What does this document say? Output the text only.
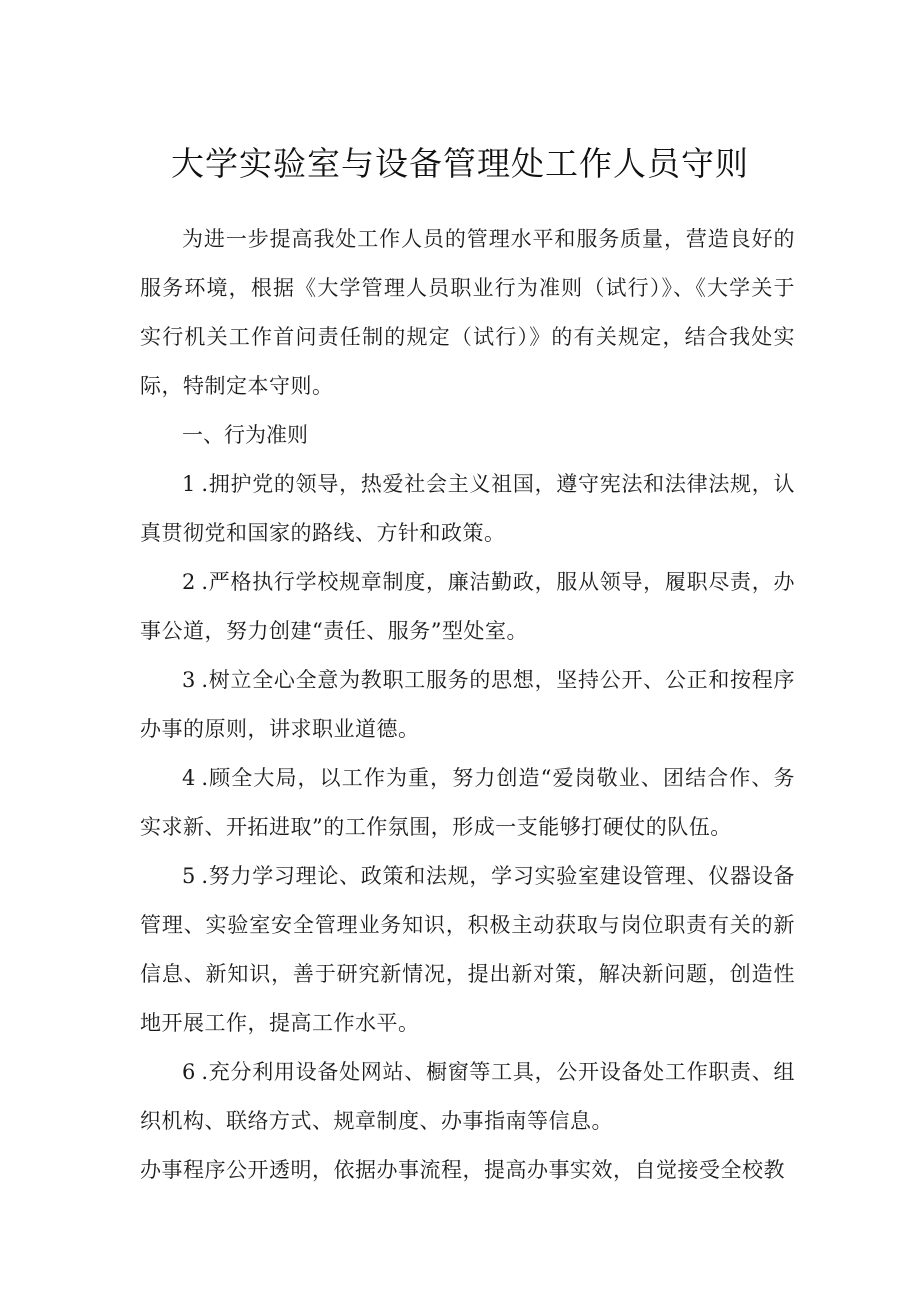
大学实验室与设备管理处工作人员守则

为进一步提高我处工作人员的管理水平和服务质量，营造良好的服务环境，根据《大学管理人员职业行为准则（试行）》、《大学关于实行机关工作首问责任制的规定（试行）》的有关规定，结合我处实际，特制定本守则。

一、行为准则

1.拥护党的领导，热爱社会主义祖国，遵守宪法和法律法规，认真贯彻党和国家的路线、方针和政策。

2.严格执行学校规章制度，廉洁勤政，服从领导，履职尽责，办事公道，努力创建“责任、服务”型处室。

3.树立全心全意为教职工服务的思想，坚持公开、公正和按程序办事的原则，讲求职业道德。

4.顾全大局，以工作为重，努力创造“爱岗敬业、团结合作、务实求新、开拓进取”的工作氛围，形成一支能够打硬仗的队伍。

5.努力学习理论、政策和法规，学习实验室建设管理、仪器设备管理、实验室安全管理业务知识，积极主动获取与岗位职责有关的新信息、新知识，善于研究新情况，提出新对策，解决新问题，创造性地开展工作，提高工作水平。

6.充分利用设备处网站、橱窗等工具，公开设备处工作职责、组织机构、联络方式、规章制度、办事指南等信息。

办事程序公开透明，依据办事流程，提高办事实效，自觉接受全校教
